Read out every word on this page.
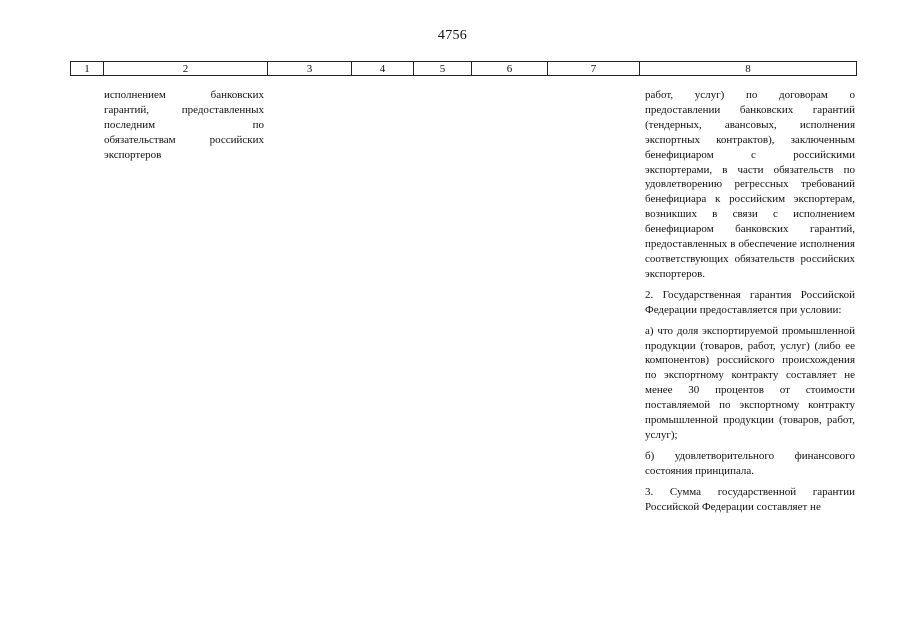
4756
1	2	3	4	5	6	7	8

исполнением банковских

гарантий, предоставленных

последним по

обязательствам российских

экспортеров

работ, услуг) по договорам о предоставлении банковских гарантий (тендерных, авансовых, исполнения экспортных контрактов), заключенным бенефициаром с российскими экспортерами, в части обязательств по удовлетворению регрессных требований бенефициара к российским экспортерам, возникших в связи с исполнением бенефициаром банковских гарантий, предоставленных в обеспечение исполнения соответствующих обязательств российских экспортеров.

2. Государственная гарантия Российской Федерации предоставляется при условии:

а) что доля экспортируемой промышленной продукции (товаров, работ, услуг) (либо ее компонентов) российского происхождения по экспортному контракту составляет не менее 30 процентов от стоимости поставляемой по экспортному контракту промышленной продукции (товаров, работ, услуг);

б) удовлетворительного финансового состояния принципала.

3. Сумма государственной гарантии Российской Федерации составляет не
